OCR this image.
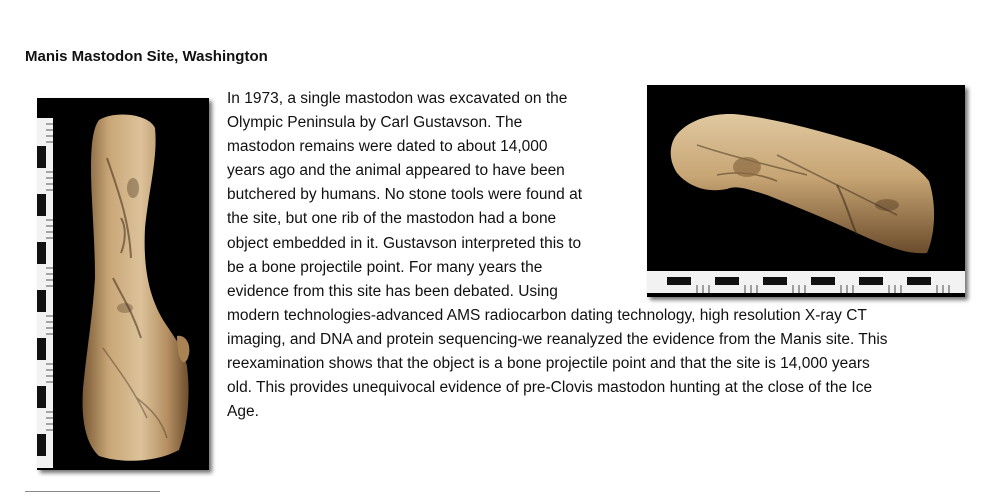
Manis Mastodon Site, Washington
In 1973, a single mastodon was excavated on the
Olympic Peninsula by Carl Gustavson. The
mastodon remains were dated to about 14,000
years ago and the animal appeared to have been
butchered by humans. No stone tools were found at
the site, but one rib of the mastodon had a bone
object embedded in it. Gustavson interpreted this to
be a bone projectile point. For many years the
evidence from this site has been debated. Using
modern technologies-advanced AMS radiocarbon dating technology, high resolution X-ray CT
imaging, and DNA and protein sequencing-we reanalyzed the evidence from the Manis site. This
reexamination shows that the object is a bone projectile point and that the site is 14,000 years
old. This provides unequivocal evidence of pre-Clovis mastodon hunting at the close of the Ice
Age.
